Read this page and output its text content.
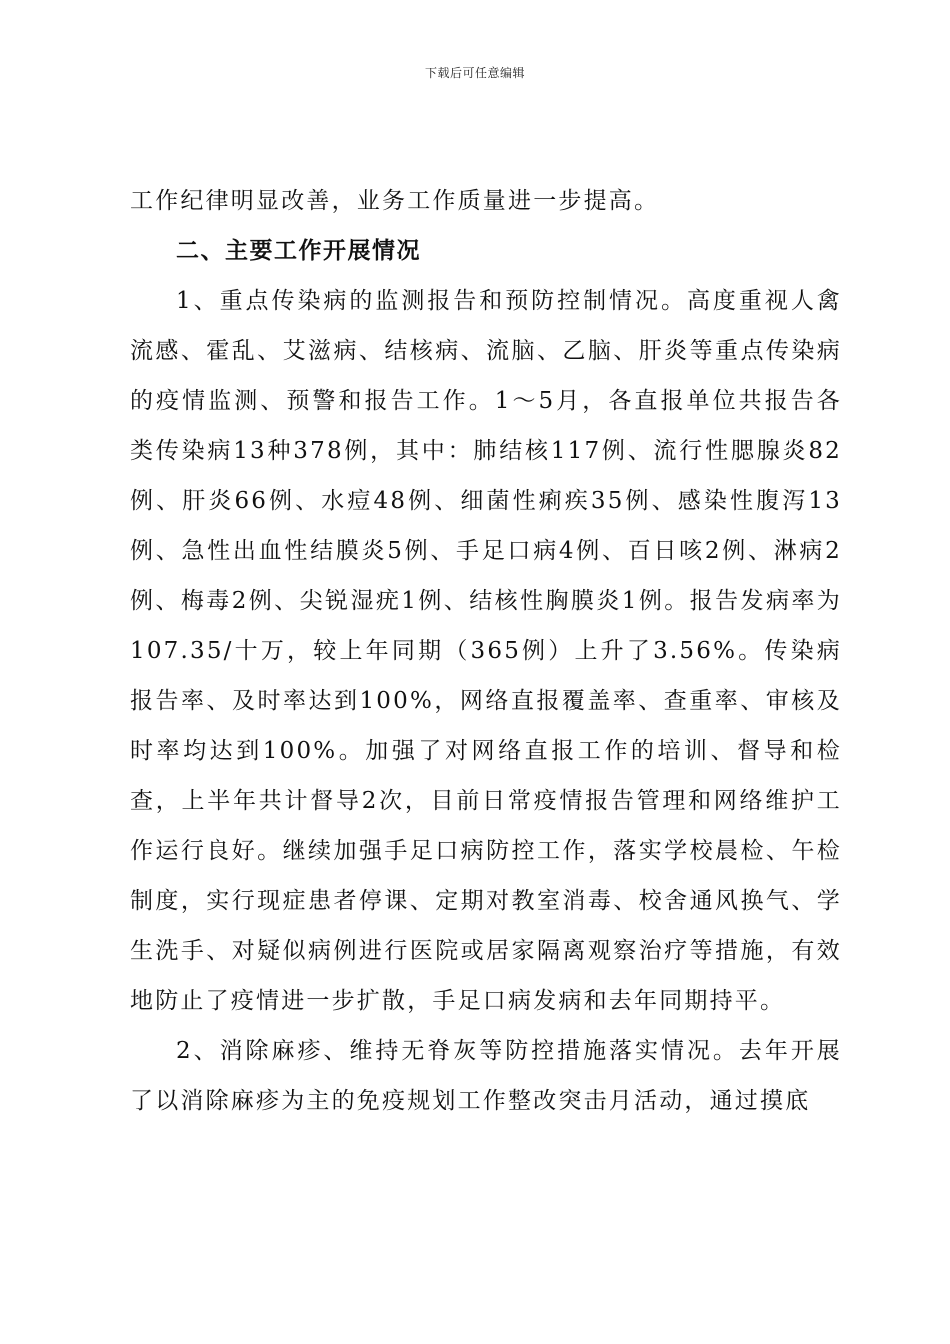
下载后可任意编辑

工作纪律明显改善，业务工作质量进一步提高。

二、主要工作开展情况

1、重点传染病的监测报告和预防控制情况。高度重视人禽流感、霍乱、艾滋病、结核病、流脑、乙脑、肝炎等重点传染病的疫情监测、预警和报告工作。1～5月，各直报单位共报告各类传染病13种378例，其中：肺结核117例、流行性腮腺炎82例、肝炎66例、水痘48例、细菌性痢疾35例、感染性腹泻13例、急性出血性结膜炎5例、手足口病4例、百日咳2例、淋病2例、梅毒2例、尖锐湿疣1例、结核性胸膜炎1例。报告发病率为107.35/十万，较上年同期（365例）上升了3.56%。传染病报告率、及时率达到100%，网络直报覆盖率、查重率、审核及时率均达到100%。加强了对网络直报工作的培训、督导和检查，上半年共计督导2次，目前日常疫情报告管理和网络维护工作运行良好。继续加强手足口病防控工作，落实学校晨检、午检制度，实行现症患者停课、定期对教室消毒、校舍通风换气、学生洗手、对疑似病例进行医院或居家隔离观察治疗等措施，有效地防止了疫情进一步扩散，手足口病发病和去年同期持平。

2、消除麻疹、维持无脊灰等防控措施落实情况。去年开展了以消除麻疹为主的免疫规划工作整改突击月活动，通过摸底
